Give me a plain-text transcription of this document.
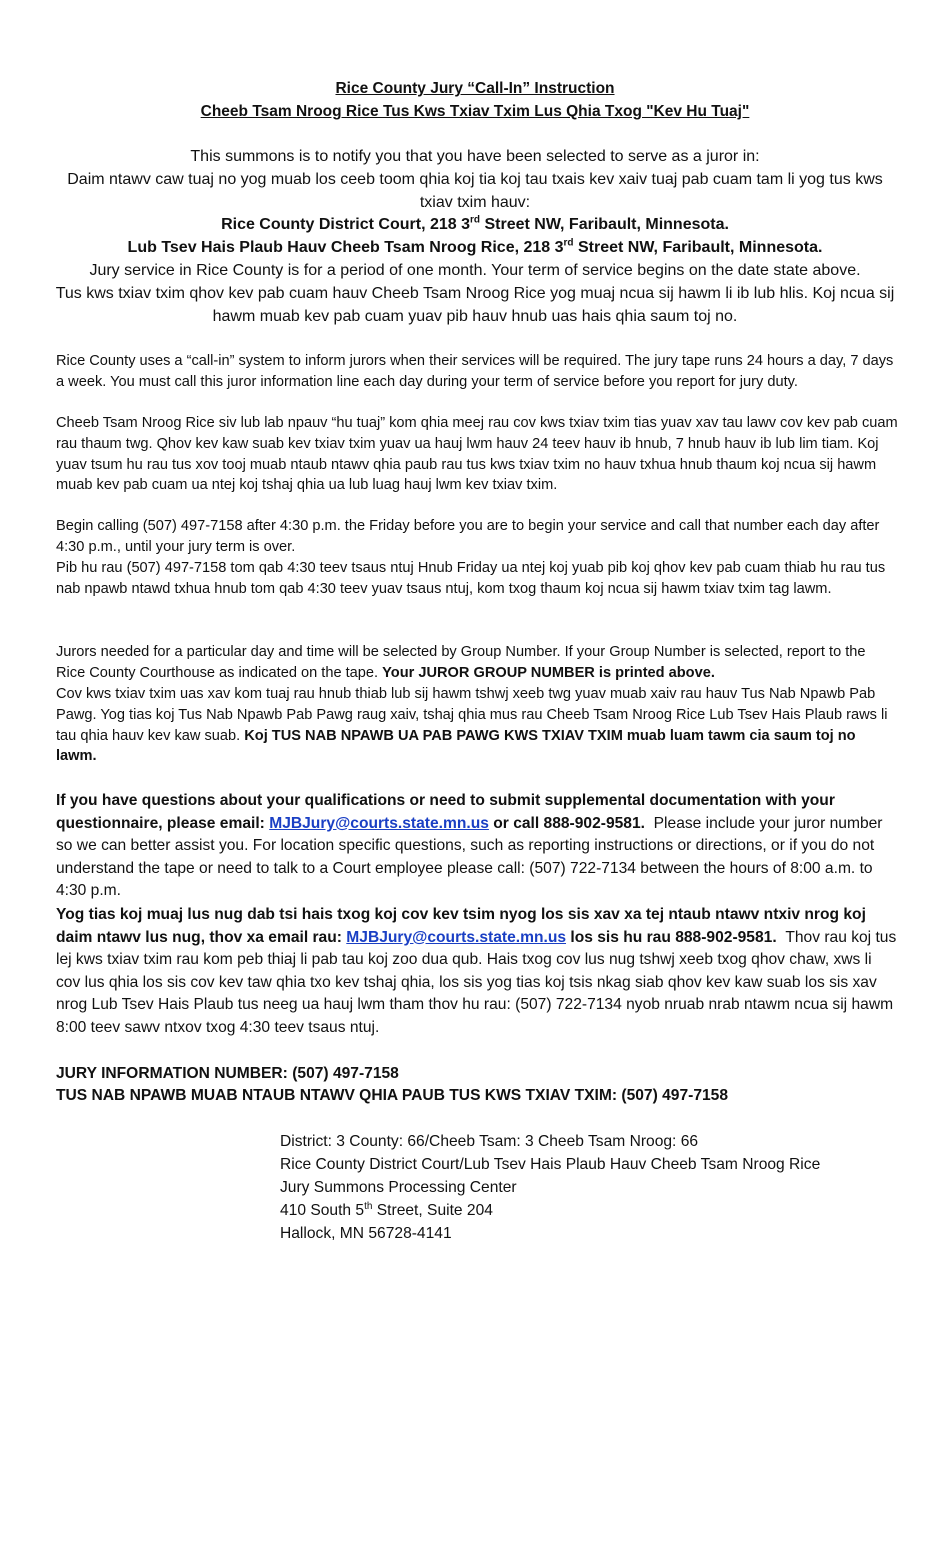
Rice County Jury “Call-In” Instruction
Cheeb Tsam Nroog Rice Tus Kws Txiav Txim Lus Qhia Txog "Kev Hu Tuaj"
This summons is to notify you that you have been selected to serve as a juror in:
Daim ntawv caw tuaj no yog muab los ceeb toom qhia koj tia koj tau txais kev xaiv tuaj pab cuam tam li yog tus kws txiav txim hauv:
Rice County District Court, 218 3rd Street NW, Faribault, Minnesota.
Lub Tsev Hais Plaub Hauv Cheeb Tsam Nroog Rice, 218 3rd Street NW, Faribault, Minnesota.
Jury service in Rice County is for a period of one month. Your term of service begins on the date state above.
Tus kws txiav txim qhov kev pab cuam hauv Cheeb Tsam Nroog Rice yog muaj ncua sij hawm li ib lub hlis. Koj ncua sij hawm muab kev pab cuam yuav pib hauv hnub uas hais qhia saum toj no.
Rice County uses a “call-in” system to inform jurors when their services will be required. The jury tape runs 24 hours a day, 7 days a week. You must call this juror information line each day during your term of service before you report for jury duty.
Cheeb Tsam Nroog Rice siv lub lab npauv “hu tuaj” kom qhia meej rau cov kws txiav txim tias yuav xav tau lawv cov kev pab cuam rau thaum twg. Qhov kev kaw suab kev txiav txim yuav ua hauj lwm hauv 24 teev hauv ib hnub, 7 hnub hauv ib lub lim tiam. Koj yuav tsum hu rau tus xov tooj muab ntaub ntawv qhia paub rau tus kws txiav txim no hauv txhua hnub thaum koj ncua sij hawm muab kev pab cuam ua ntej koj tshaj qhia ua lub luag hauj lwm kev txiav txim.
Begin calling (507) 497-7158 after 4:30 p.m. the Friday before you are to begin your service and call that number each day after 4:30 p.m., until your jury term is over.
Pib hu rau (507) 497-7158 tom qab 4:30 teev tsaus ntuj Hnub Friday ua ntej koj yuab pib koj qhov kev pab cuam thiab hu rau tus nab npawb ntawd txhua hnub tom qab 4:30 teev yuav tsaus ntuj, kom txog thaum koj ncua sij hawm txiav txim tag lawm.
Jurors needed for a particular day and time will be selected by Group Number. If your Group Number is selected, report to the Rice County Courthouse as indicated on the tape. Your JUROR GROUP NUMBER is printed above.
Cov kws txiav txim uas xav kom tuaj rau hnub thiab lub sij hawm tshwj xeeb twg yuav muab xaiv rau hauv Tus Nab Npawb Pab Pawg. Yog tias koj Tus Nab Npawb Pab Pawg raug xaiv, tshaj qhia mus rau Cheeb Tsam Nroog Rice Lub Tsev Hais Plaub raws li tau qhia hauv kev kaw suab. Koj TUS NAB NPAWB UA PAB PAWG KWS TXIAV TXIM muab luam tawm cia saum toj no lawm.
If you have questions about your qualifications or need to submit supplemental documentation with your questionnaire, please email: MJBJury@courts.state.mn.us or call 888-902-9581. Please include your juror number so we can better assist you. For location specific questions, such as reporting instructions or directions, or if you do not understand the tape or need to talk to a Court employee please call: (507) 722-7134 between the hours of 8:00 a.m. to 4:30 p.m.
Yog tias koj muaj lus nug dab tsi hais txog koj cov kev tsim nyog los sis xav xa tej ntaub ntawv ntxiv nrog koj daim ntawv lus nug, thov xa email rau: MJBJury@courts.state.mn.us los sis hu rau 888-902-9581. Thov rau koj tus lej kws txiav txim rau kom peb thiaj li pab tau koj zoo dua qub. Hais txog cov lus nug tshwj xeeb txog qhov chaw, xws li cov lus qhia los sis cov kev taw qhia txo kev tshaj qhia, los sis yog tias koj tsis nkag siab qhov kev kaw suab los sis xav nrog Lub Tsev Hais Plaub tus neeg ua hauj lwm tham thov hu rau: (507) 722-7134 nyob nruab nrab ntawm ncua sij hawm 8:00 teev sawv ntxov txog 4:30 teev tsaus ntuj.
JURY INFORMATION NUMBER: (507) 497-7158
TUS NAB NPAWB MUAB NTAUB NTAWV QHIA PAUB TUS KWS TXIAV TXIM: (507) 497-7158
District: 3 County: 66/Cheeb Tsam: 3 Cheeb Tsam Nroog: 66
Rice County District Court/Lub Tsev Hais Plaub Hauv Cheeb Tsam Nroog Rice
Jury Summons Processing Center
410 South 5th Street, Suite 204
Hallock, MN 56728-4141
